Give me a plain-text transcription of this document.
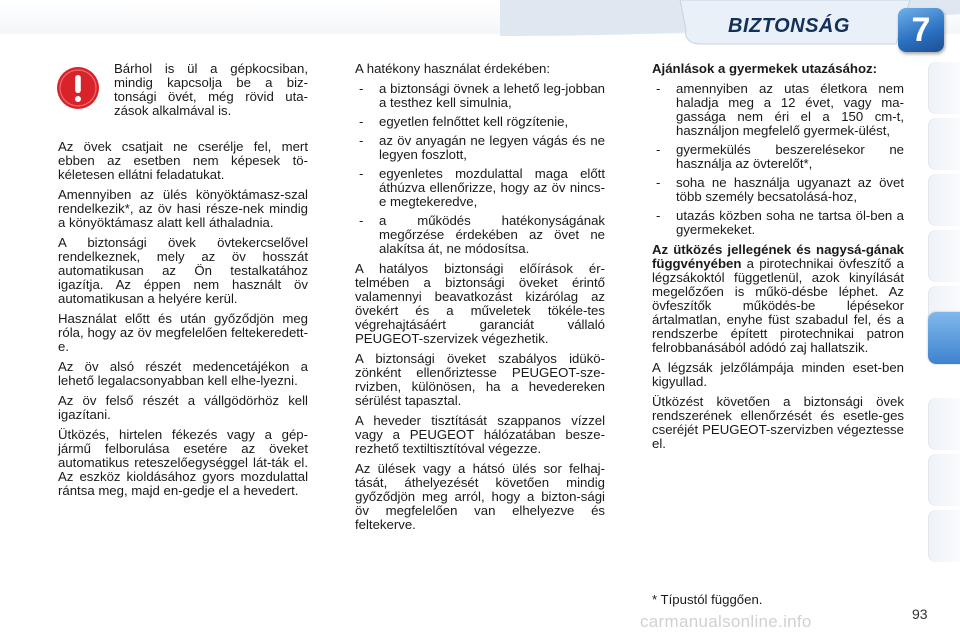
BIZTONSÁG	7

Bárhol is ül a gépkocsiban, mindig kapcsolja be a biz-tonsági övét, még rövid uta-zások alkalmával is.

Az övek csatjait ne cserélje fel, mert ebben az esetben nem képesek tö-kéletesen ellátni feladatukat.

Amennyiben az ülés könyöktámasz-szal rendelkezik*, az öv hasi része-nek mindig a könyöktámasz alatt kell áthaladnia.

A biztonsági övek övtekercselővel rendelkeznek, mely az öv hosszát automatikusan az Ön testalkatához igazítja. Az éppen nem használt öv automatikusan a helyére kerül.

Használat előtt és után győződjön meg róla, hogy az öv megfelelően feltekeredett-e.

Az öv alsó részét medencetájékon a lehető legalacsonyabban kell elhe-lyezni.

Az öv felső részét a vállgödörhöz kell igazítani.

Ütközés, hirtelen fékezés vagy a gép-jármű felborulása esetére az öveket automatikus reteszelőegységgel lát-ták el. Az eszköz kioldásához gyors mozdulattal rántsa meg, majd en-gedje el a hevedert.

A hatékony használat érdekében:

- a biztonsági övnek a lehető leg-jobban a testhez kell simulnia,
- egyetlen felnőttet kell rögzítenie,
- az öv anyagán ne legyen vágás és ne legyen foszlott,
- egyenletes mozdulattal maga előtt áthúzva ellenőrizze, hogy az öv nincs-e megtekeredve,
- a működés hatékonyságának megőrzése érdekében az övet ne alakítsa át, ne módosítsa.

A hatályos biztonsági előírások ér-telmében a biztonsági öveket érintő valamennyi beavatkozást kizárólag az övekért és a műveletek tökéle-tes végrehajtásáért garanciát vállaló PEUGEOT-szervizek végezhetik.

A biztonsági öveket szabályos idükö-zönként ellenőriztesse PEUGEOT-sze-rvizben, különösen, ha a hevedereken sérülést tapasztal.

A heveder tisztítását szappanos vízzel vagy a PEUGEOT hálózatában besze-rezhető textiltisztítóval végezze.

Az ülések vagy a hátsó ülés sor felhaj-tását, áthelyezését követően mindig győződjön meg arról, hogy a bizton-sági öv megfelelően van elhelyezve és feltekerve.

Ajánlások a gyermekek utazásához:

- amennyiben az utas életkora nem haladja meg a 12 évet, vagy ma-gassága nem éri el a 150 cm-t, használjon megfelelő gyermek-ülést,
- gyermekülés beszerelésekor ne használja az övterelőt*,
- soha ne használja ugyanazt az övet több személy becsatolásá-hoz,
- utazás közben soha ne tartsa öl-ben a gyermekeket.

Az ütközés jellegének és nagysá-gának függvényében a pirotechnikai övfeszítő a légzsákoktól függetlenül, azok kinyílását megelőzően is műkö-désbe léphet. Az övfeszítők működés-be lépésekor ártalmatlan, enyhe füst szabadul fel, és a rendszerbe épített pirotechnikai patron felrobbanásából adódó zaj hallatszik.

A légzsák jelzőlámpája minden eset-ben kigyullad.

Ütközést követően a biztonsági övek rendszerének ellenőrzését és esetle-ges cseréjét PEUGEOT-szervizben végeztesse el.

* Típustól függően.
carmanualsonline.info	93
